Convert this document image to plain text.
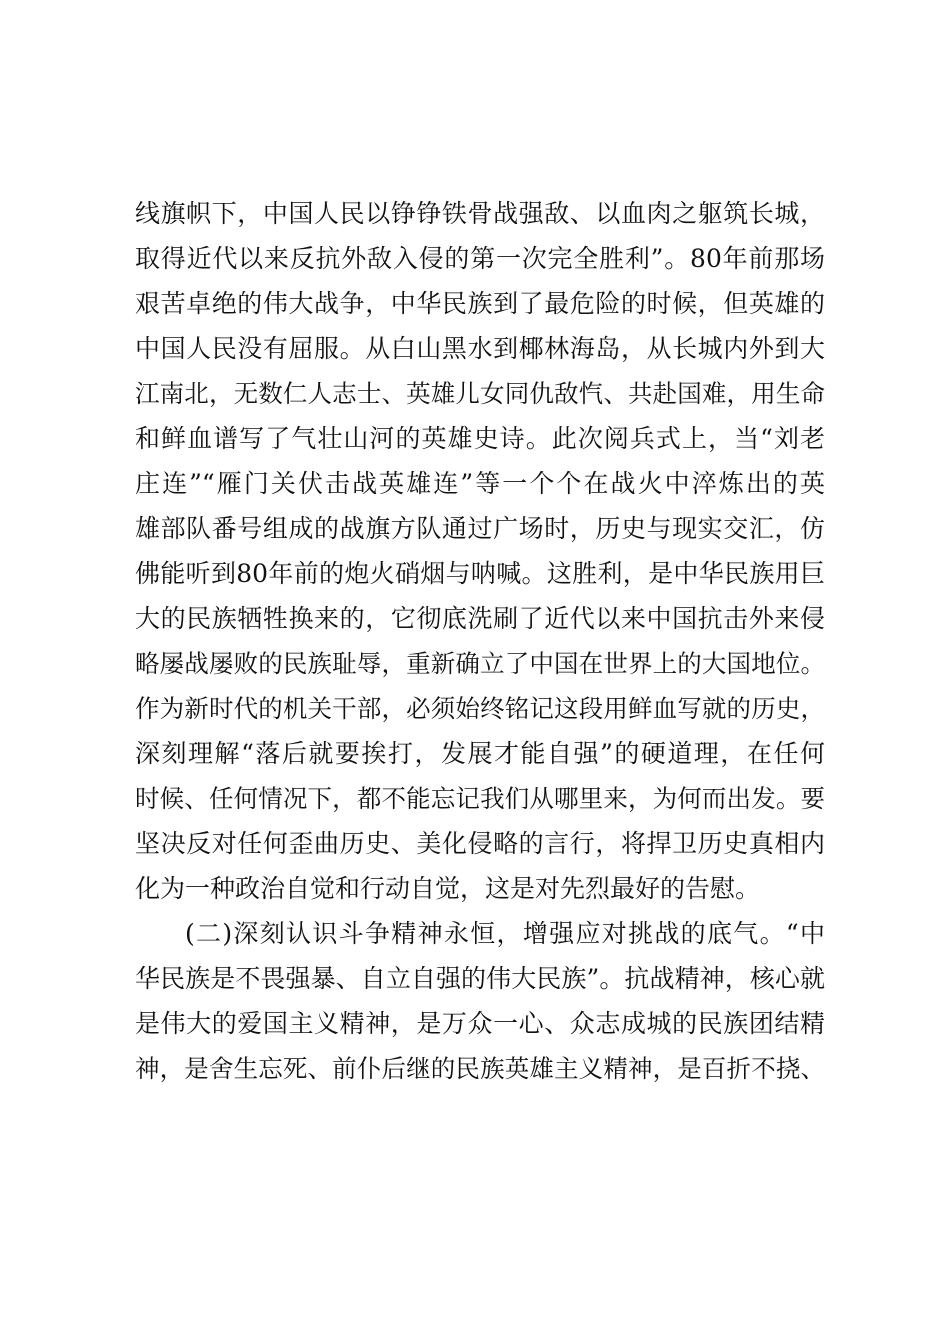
线旗帜下，中国人民以铮铮铁骨战强敌、以血肉之躯筑长城，
取得近代以来反抗外敌入侵的第一次完全胜利”。80年前那场
艰苦卓绝的伟大战争，中华民族到了最危险的时候，但英雄的
中国人民没有屈服。从白山黑水到椰林海岛，从长城内外到大
江南北，无数仁人志士、英雄儿女同仇敌忾、共赴国难，用生命
和鲜血谱写了气壮山河的英雄史诗。此次阅兵式上，当“刘老
庄连”“雁门关伏击战英雄连”等一个个在战火中淬炼出的英
雄部队番号组成的战旗方队通过广场时，历史与现实交汇，仿
佛能听到80年前的炮火硝烟与呐喊。这胜利，是中华民族用巨
大的民族牺牲换来的，它彻底洗刷了近代以来中国抗击外来侵
略屡战屡败的民族耻辱，重新确立了中国在世界上的大国地位。
作为新时代的机关干部，必须始终铭记这段用鲜血写就的历史，
深刻理解“落后就要挨打，发展才能自强”的硬道理，在任何
时候、任何情况下，都不能忘记我们从哪里来，为何而出发。要
坚决反对任何歪曲历史、美化侵略的言行，将捍卫历史真相内
化为一种政治自觉和行动自觉，这是对先烈最好的告慰。
(二)深刻认识斗争精神永恒，增强应对挑战的底气。“中
华民族是不畏强暴、自立自强的伟大民族”。抗战精神，核心就
是伟大的爱国主义精神，是万众一心、众志成城的民族团结精
神，是舍生忘死、前仆后继的民族英雄主义精神，是百折不挠、
